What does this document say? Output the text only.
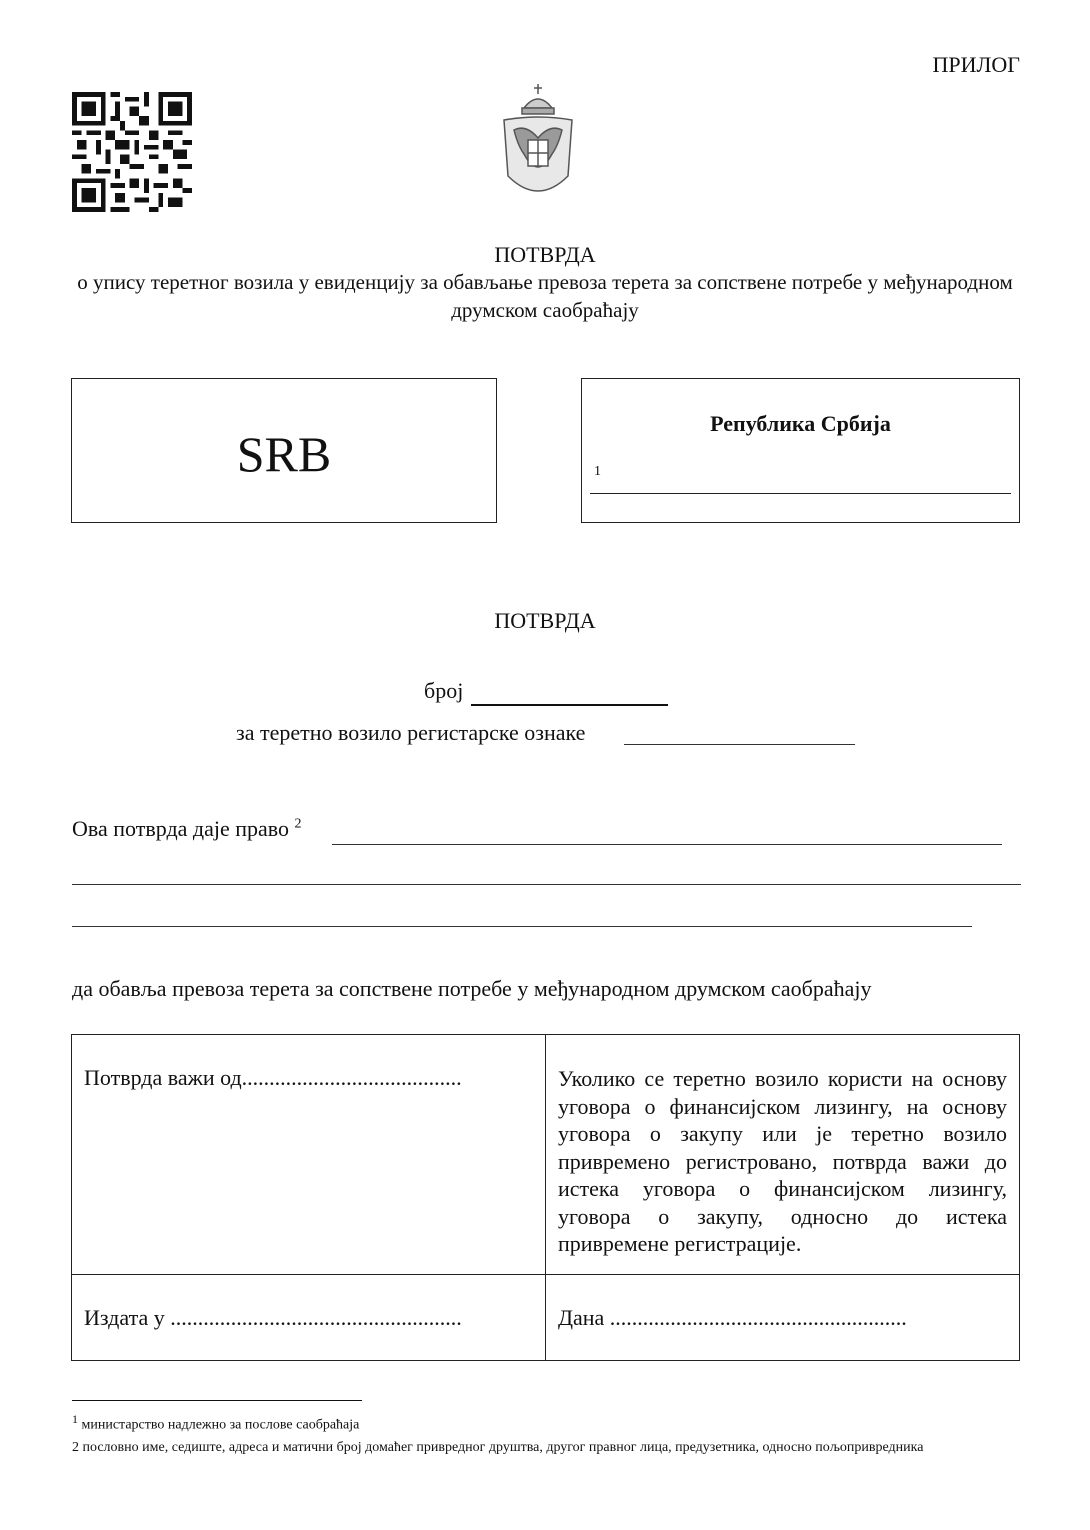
ПРИЛОГ
ПОТВРДА
о упису теретног возила у евиденцију за обављање превоза терета за сопствене потребе у међународном друмском саобраћају
SRB
Република Србија
1
ПОТВРДА
број
за теретно возило регистарске ознаке
Ова потврда даје право $^2$
да обавља превоза терета за сопствене потребе у међународном друмском саобраћају
Потврда важи од........................................	Уколико се теретно возило користи на основу уговора о финансијском лизингу, на основу уговора о закупу или је теретно возило привремено регистровано, потврда важи до истека уговора о финансијском лизингу, уговора о закупу, односно до истека привремене регистрације.
Издата у .....................................................	Дана ......................................................
$^1$ министарство надлежно за послове саобраћаја
2 пословно име, седиште, адреса и матични број домаћег привредног друштва, другог правног лица, предузетника, односно пољопривредника
